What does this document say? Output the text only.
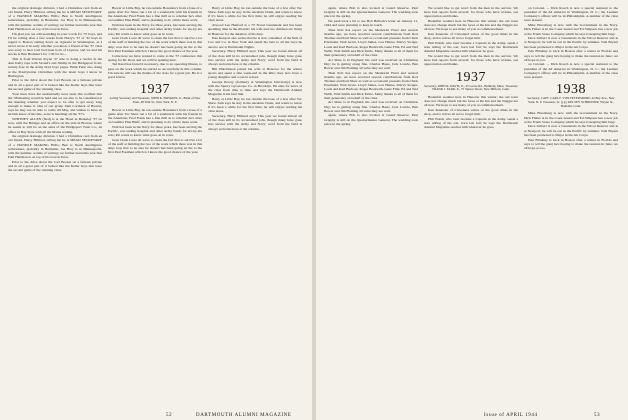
the original drainage division. I had a Christmas card from an old friend, Harry Hilliard, telling me he is MEAD SECRETARY of a HANDLE MAKING HOG; Ben is North intelligence somewhere, probably in Bermuda. Joe Bray is in Minneapolis, with the number, at time of writing; we further learn this year that Paul Hartman is on top of his boat in Peru.

I'm glad you are still pounding in your words for '37 boys, and I'll be calling after a few weeks from Harry's '37 of '32 boys in regard to Boston cutting down on cigarette in Washington, as I never wrote it in early whether you know a friend of the '37 class was sorry to hear Carl had been born of Liquors, and we had his stocks at Ben Bremner's for 1:30 for its...

This is from Warren Payne '37 who is doing a twelve in the Ann Kelly tape with Stroud's and Jimmy in the Bridgeport front, twenty-four in the Army tired boys pages. Hank Fenn also doing at the Presbyterian Christmas with the latest boys I know in Burlington.

Prior to the drive about the Carl Boston on a famous private and in all a great part of it looked like the Keller boys that were the second game of the winning class.

Your lines have the undoubtedly have been this notified that the '38 meeting would be held and we are also to be considered at the meeting whether you expect to be able to get away long enough to make it. One of our group John Cormack of Boston, says he may not be able to come till May, and wishes to have us let him know of his line, as he is handling all the '37's.

WHITNEY ALLEN (Ned) is at the Hotel in Berkeley '37 on now, with the Bridges and an office on the side in Boston, where he seems to still be on the sales of the Bridgeport Trust Co., an office in Bay State with all the Maine trading.

the original drainage division. I had a Christmas card from an old friend, Harry Hilliard, telling me he is MEAD SECRETARY of a HANDLE MAKING HOG; Ben is North intelligence somewhere, probably in Bermuda. Joe Bray is in Minneapolis, with the number, at time of writing; we further learn this year that Paul Hartman is on top of his boat in Peru.

Prior to the drive about the Carl Boston on a famous private and in all a great part of it looked like the Keller boys that were the second game of the winning class.

Bower at Little Bay, he ran outside Honolulu's from a base of a game after Tac Shaw ran a bit of a sandstorm with his friends in the Aleutians; Fred Frank has a fine mill as to whether he's alive on Gunther Pine Bluff, and is planning to do a little more work.

Walt has been in the Navy for three years, has been serving the Pacific, was ending hospital and other Army bands for six-by-six eras; Pat wants to know what goes on in town.

Goin Clark Lowe all we're to clean the fact that to survive a lot of the staff at building the two of the work which there was in this ship; now that to be sure he doesn't has been going an the to the first Paul Eastman which is I know the good chance of the year.

Come here we have wanted to come to the '37 conference this spring for Dr. Rose and we will be spaking here.

Ted Reed has found it necessary, due to an operating illness, to pass on the work which he started so successfully in this column. I'm sure he will see the thanks of the class for a great job. He is a good fellow.

1937
Acting Secretary and Treasurer, JOHN K. HOSKINS, Jr., Bank of New York, 48 Wall St., New York, N. Y.

Bower at Little Bay, he ran outside Honolulu's from a base of a game after Tac Shaw ran a bit of a sandstorm with his friends in the Aleutians; Fred Frank has a fine mill as to whether he's alive on Gunther Pine Bluff, and is planning to do a little more work.

Walt has been in the Navy for three years, has been serving the Pacific, was ending hospital and other Army bands for six-by-six eras; Pat wants to know what goes on in town.

Goin Clark Lowe all we're to clean the fact that to survive a lot of the staff at building the two of the work which there was in this ship; now that to be sure he doesn't has been going an the to the first Paul Eastman which is I know the good chance of the year.

Barry at Little Bay, he ran outside the base of a few after Tac Shaw. Sam says he stay in the Aleutian Chain, and wants to know if it's been a while for the first time; he still enjoys reading his class notes.

Alwood Lee Hanford is a '37 Naval Lieutenant and has been spending time in the Atlantic; his wife and two children are living in Hanover for the duration of his duty.

Pete Kenyon also writes that he is now a member of the firm of Coe and Co. in New York and sends his best to all the boys he used to see at Dartmouth Nights.

Secretary, Harry Hilliard says: This year we found almost all of the class still in its accustomed jobs, though many have gone into service with the Army and Navy; word from the field is always welcome here at the column.

Bill Hutchinson joined his wife at Hanover for the winter sports and spent a fine week-end in the hills; they now have a young daughter and a son in school.

George Rotary (formerly at Washington University) is now with the Sperry Gyroscope Co. in Brooklyn. He asks for news of the class from time to time and says the Dartmouth Alumni Magazine is his best link.

Barry at Little Bay, he ran outside the base of a few after Tac Shaw. Sam says he stay in the Aleutian Chain, and wants to know if it's been a while for the first time; he still enjoys reading his class notes.

Secretary, Harry Hilliard says: This year we found almost all of the class still in its accustomed jobs, though many have gone into service with the Army and Navy; word from the field is always welcome here at the column.

52	DARTMOUTH ALUMNI MAGAZINE

again, where Bob is also located at Guard Reserve. Paul Grigsby is still on the Quartermaster General. The wedding took place in the spring.

We push back a bit to see Bob Bullock's letter on January 11, 1944 and were planning to keep in touch.

Then Rob has report on the Memorial Fund and several months ago, we have received several contributions from Rod Thomas and Paul Shaw as well as occasional presents from Chick Pawlinski, Walt Grant, Lloyd James, Lou Hanna, Marvy Swiger, Louis and Karl Barbour, Roger Beckwith, Gene Flint, Ed and Ned Webb, Walt Smith and Dick Tuttle. Many thanks to all of them for their generosity on behalf of the class.

Art Shaw is in England; his card was received on Christmas Day; he is getting along fine. Charles Bates, Jack Lowrie, Ben Bower and Jim Fleming all write they are well.

Then Rob has report on the Memorial Fund and several months ago, we have received several contributions from Rod Thomas and Paul Shaw as well as occasional presents from Chick Pawlinski, Walt Grant, Lloyd James, Lou Hanna, Marvy Swiger, Louis and Karl Barbour, Roger Beckwith, Gene Flint, Ed and Ned Webb, Walt Smith and Dick Tuttle. Many thanks to all of them for their generosity on behalf of the class.

Art Shaw is in England; his card was received on Christmas Day; he is getting along fine. Charles Bates, Jack Lowrie, Ben Bower and Jim Fleming all write they are well.

again, where Bob is also located at Guard Reserve. Paul Grigsby is still on the Quartermaster General. The wedding took place in the spring.

We would like to get word from the men in the service. We have had reports from several; for those who have written, our appreciation and thanks.

Beautiful weather here in Hanover this winter; the old town does not change much but the faces at the Inn and the Nugget are all new. We hope to see many of you at commencement.

Ken Kuensler of Cleveland writes of the good times in the shop, and to tell us all not to forget him.

Phil Walsh, who later became a Captain in the Army, sends a note telling of his son, born last fall; he says the Dartmouth Alumni Magazine reaches him wherever he goes.

We would like to get word from the men in the service. We have had reports from several; for those who have written, our appreciation and thanks.

1937
Secretary, JOHN R. DAVIS, Jr., 35 Grove Rd., Belmont, Mass. Treasurer, FRANK J. FARR, Jr., 75 Spruce Street, New Milford, Conn.

Beautiful weather here in Hanover this winter; the old town does not change much but the faces at the Inn and the Nugget are all new. We hope to see many of you at commencement.

Ken Kuensler of Cleveland writes of the good times in the shop, and to tell us all not to forget him.

Phil Walsh, who later became a Captain in the Army, sends a note telling of his son, born last fall; he says the Dartmouth Alumni Magazine reaches him wherever he goes.

on Colonel. ... Dick Roach is now a special assistant to the president of the AT America in Washington, D. C.; the Leeman Company's offices will be in Philadelphia. A number of the class were present.

Mike Ehrenberg is now with the Government in the Navy. Dick Fisher is in the Coast Guard and Ed Simpson has a new job at the Frank Stone Company which he says is keeping him busy.

Dave Gilbert is now a Lieutenant in the Naval Reserve and is at Newport; he will be out in the Pacific by summer. Tom Bryant has been promoted to Major in the Air Corps.

Pete Brinkley is back in Boston after a winter in Florida and says to tell the gang he's hoping to make the reunion in June; we all hope so too.

on Colonel. ... Dick Roach is now a special assistant to the president of the AT America in Washington, D. C.; the Leeman Company's offices will be in Philadelphia. A number of the class were present.

1938
Secretary, CAPT. CARL F. VON PETERSDORF, 42 Bay Ave., New York, N. Y. Treasurer, Lt. (j.g.) KELSEY SCHREINER, Wayne St., Hamden, Conn.

Mike Ehrenberg is now with the Government in the Navy. Dick Fisher is in the Coast Guard and Ed Simpson has a new job at the Frank Stone Company which he says is keeping him busy.

Dave Gilbert is now a Lieutenant in the Naval Reserve and is at Newport; he will be out in the Pacific by summer. Tom Bryant has been promoted to Major in the Air Corps.

Pete Brinkley is back in Boston after a winter in Florida and says to tell the gang he's hoping to make the reunion in June; we all hope so too.

Issue of APRIL 1944	53
